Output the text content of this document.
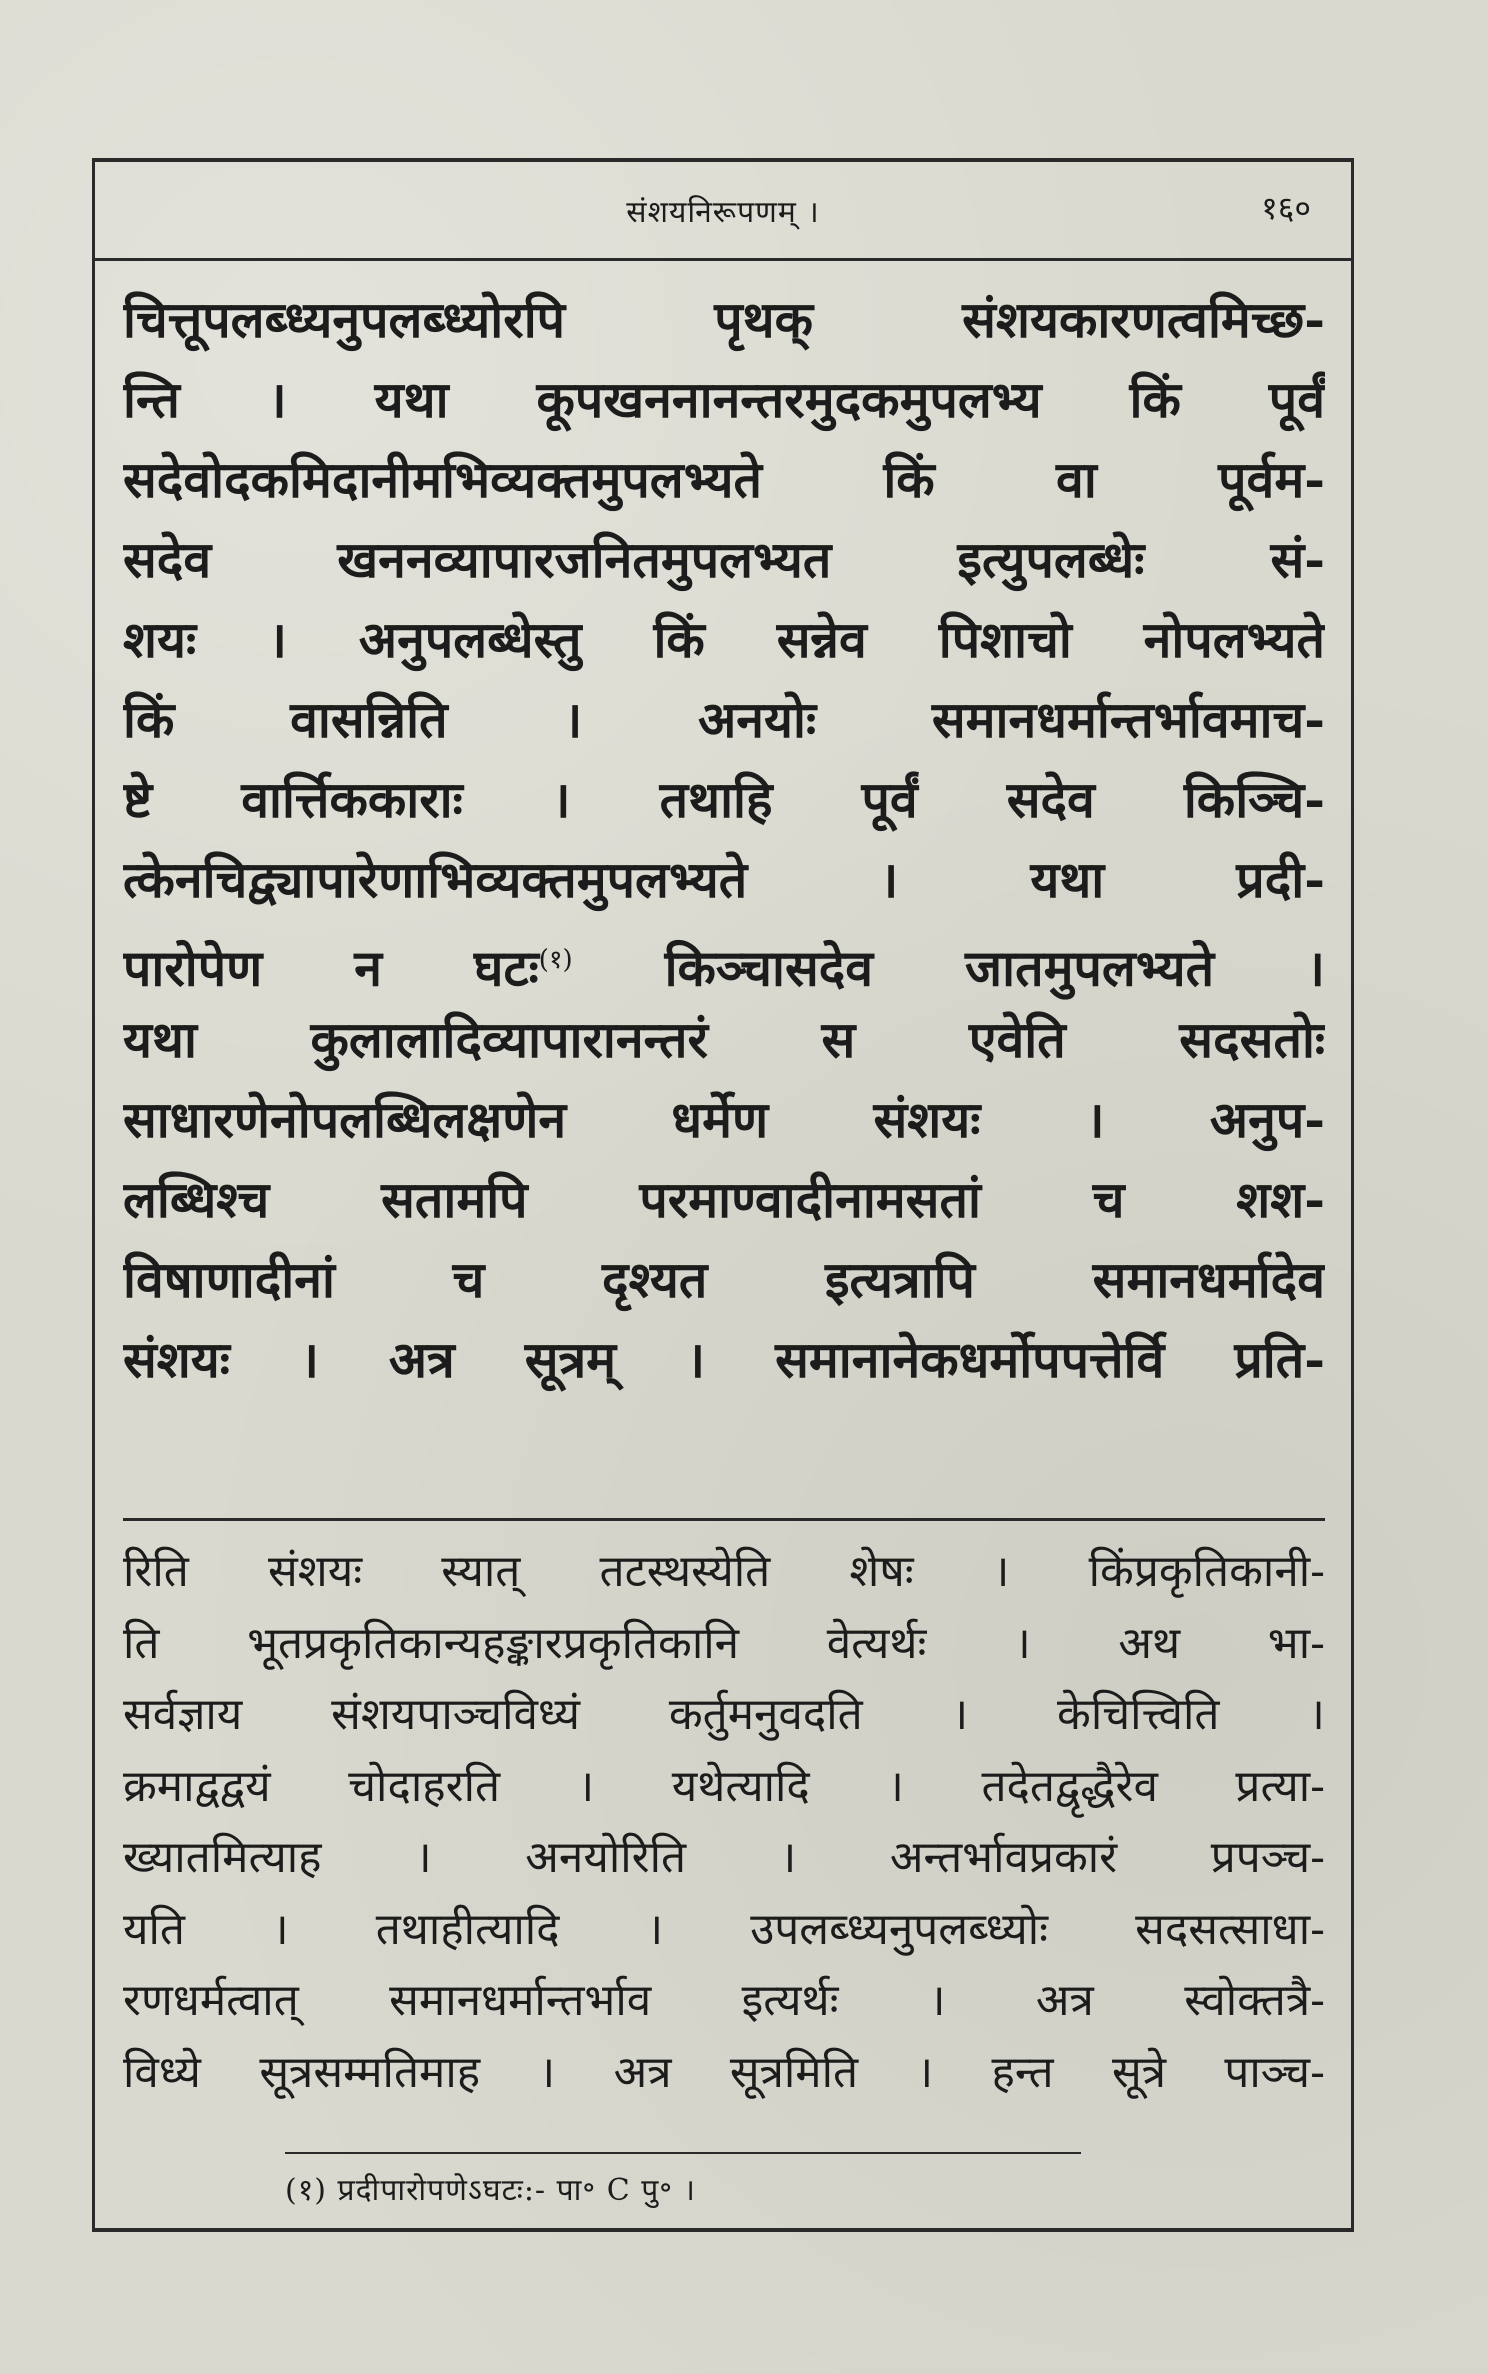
संशयनिरूपणम् ।	१६०
चित्तूपलब्ध्यनुपलब्ध्योरपि पृथक् संशयकारणत्वमिच्छ-
न्ति । यथा कूपखननानन्तरमुदकमुपलभ्य किं पूर्वं
सदेवोदकमिदानीमभिव्यक्तमुपलभ्यते किं वा पूर्वम-
सदेव खननव्यापारजनितमुपलभ्यत इत्युपलब्धेः सं-
शयः । अनुपलब्धेस्तु किं सन्नेव पिशाचो नोपलभ्यते
किं वासन्निति । अनयोः समानधर्मान्तर्भावमाच-
ष्टे वार्त्तिककाराः । तथाहि पूर्वं सदेव किञ्चि-
त्केनचिद्व्यापारेणाभिव्यक्तमुपलभ्यते । यथा प्रदी-
पारोपेण न घटः$^{(१)}$ किञ्चासदेव जातमुपलभ्यते ।
यथा कुलालादिव्यापारानन्तरं स एवेति सदसतोः
साधारणेनोपलब्धिलक्षणेन धर्मेण संशयः । अनुप-
लब्धिश्च सतामपि परमाण्वादीनामसतां च शश-
विषाणादीनां च दृश्यत इत्यत्रापि समानधर्मादेव
संशयः । अत्र सूत्रम् । समानानेकधर्मोपपत्तेर्वि प्रति-
रिति संशयः स्यात् तटस्थस्येति शेषः । किंप्रकृतिकानी-
ति भूतप्रकृतिकान्यहङ्कारप्रकृतिकानि वेत्यर्थः । अथ भा-
सर्वज्ञाय संशयपाञ्चविध्यं कर्तुमनुवदति । केचित्त्विति ।
क्रमाद्वद्वयं चोदाहरति । यथेत्यादि । तदेतद्वृद्धैरेव प्रत्या-
ख्यातमित्याह । अनयोरिति । अन्तर्भावप्रकारं प्रपञ्च-
यति । तथाहीत्यादि । उपलब्ध्यनुपलब्ध्योः सदसत्साधा-
रणधर्मत्वात् समानधर्मान्तर्भाव इत्यर्थः । अत्र स्वोक्तत्रै-
विध्ये सूत्रसम्मतिमाह । अत्र सूत्रमिति । हन्त सूत्रे पाञ्च-
(१) प्रदीपारोपणेऽघटः:- पा॰ C पु॰ ।
